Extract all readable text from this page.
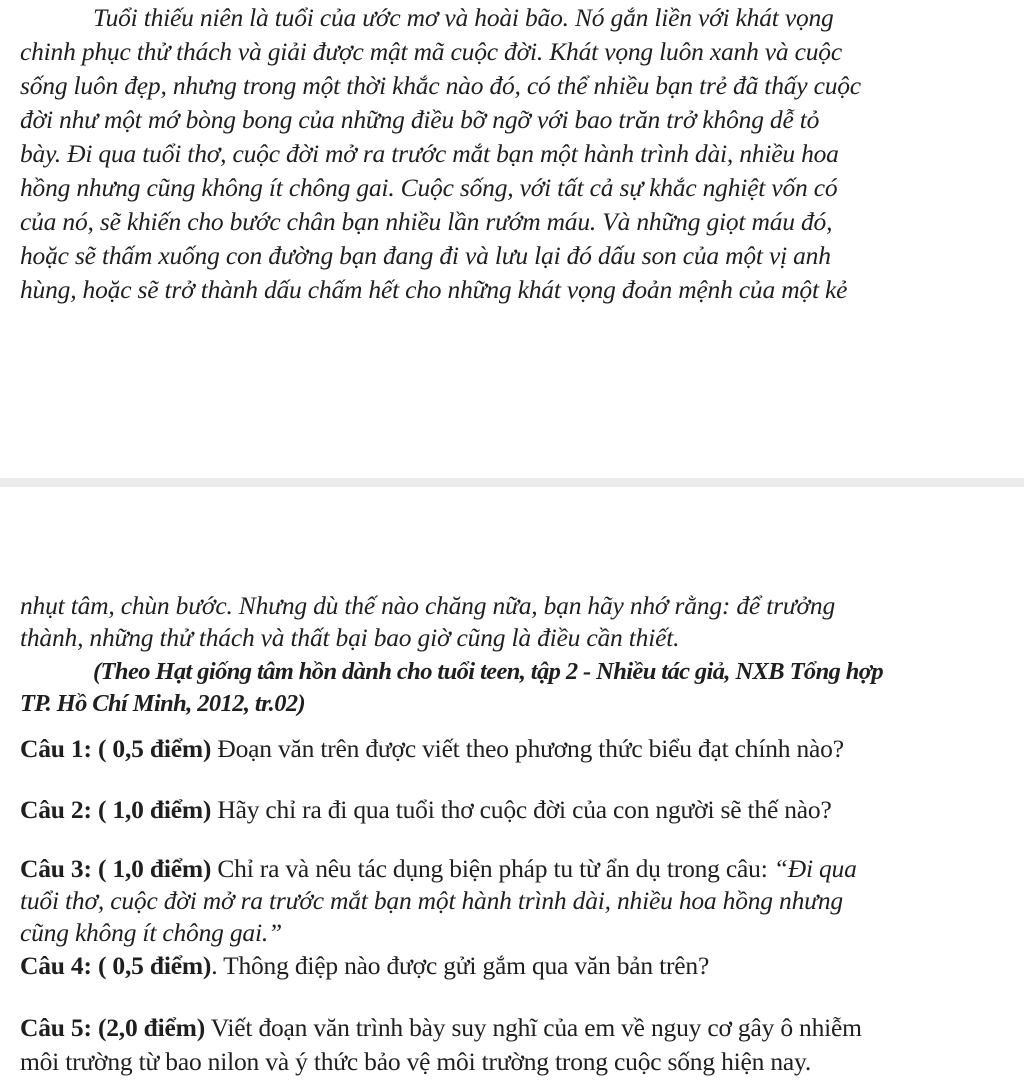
Tuổi thiếu niên là tuổi của ước mơ và hoài bão. Nó gắn liền với khát vọng
chinh phục thử thách và giải được mật mã cuộc đời. Khát vọng luôn xanh và cuộc
sống luôn đẹp, nhưng trong một thời khắc nào đó, có thể nhiều bạn trẻ đã thấy cuộc
đời như một mớ bòng bong của những điều bỡ ngỡ với bao trăn trở không dễ tỏ
bày. Đi qua tuổi thơ, cuộc đời mở ra trước mắt bạn một hành trình dài, nhiều hoa
hồng nhưng cũng không ít chông gai. Cuộc sống, với tất cả sự khắc nghiệt vốn có
của nó, sẽ khiến cho bước chân bạn nhiều lần rướm máu. Và những giọt máu đó,
hoặc sẽ thấm xuống con đường bạn đang đi và lưu lại đó dấu son của một vị anh
hùng, hoặc sẽ trở thành dấu chấm hết cho những khát vọng đoản mệnh của một kẻ
nhụt tâm, chùn bước. Nhưng dù thế nào chăng nữa, bạn hãy nhớ rằng: để trưởng
thành, những thử thách và thất bại bao giờ cũng là điều cần thiết.
(Theo Hạt giống tâm hồn dành cho tuổi teen, tập 2 - Nhiều tác giả, NXB Tổng hợp
TP. Hồ Chí Minh, 2012, tr.02)
Câu 1: ( 0,5 điểm) Đoạn văn trên được viết theo phương thức biểu đạt chính nào?
Câu 2: ( 1,0 điểm) Hãy chỉ ra đi qua tuổi thơ cuộc đời của con người sẽ thế nào?
Câu 3: ( 1,0 điểm) Chỉ ra và nêu tác dụng biện pháp tu từ ẩn dụ trong câu: “Đi qua
tuổi thơ, cuộc đời mở ra trước mắt bạn một hành trình dài, nhiều hoa hồng nhưng
cũng không ít chông gai.”
Câu 4: ( 0,5 điểm). Thông điệp nào được gửi gắm qua văn bản trên?
Câu 5: (2,0 điểm) Viết đoạn văn trình bày suy nghĩ của em về nguy cơ gây ô nhiễm
môi trường từ bao nilon và ý thức bảo vệ môi trường trong cuộc sống hiện nay.
